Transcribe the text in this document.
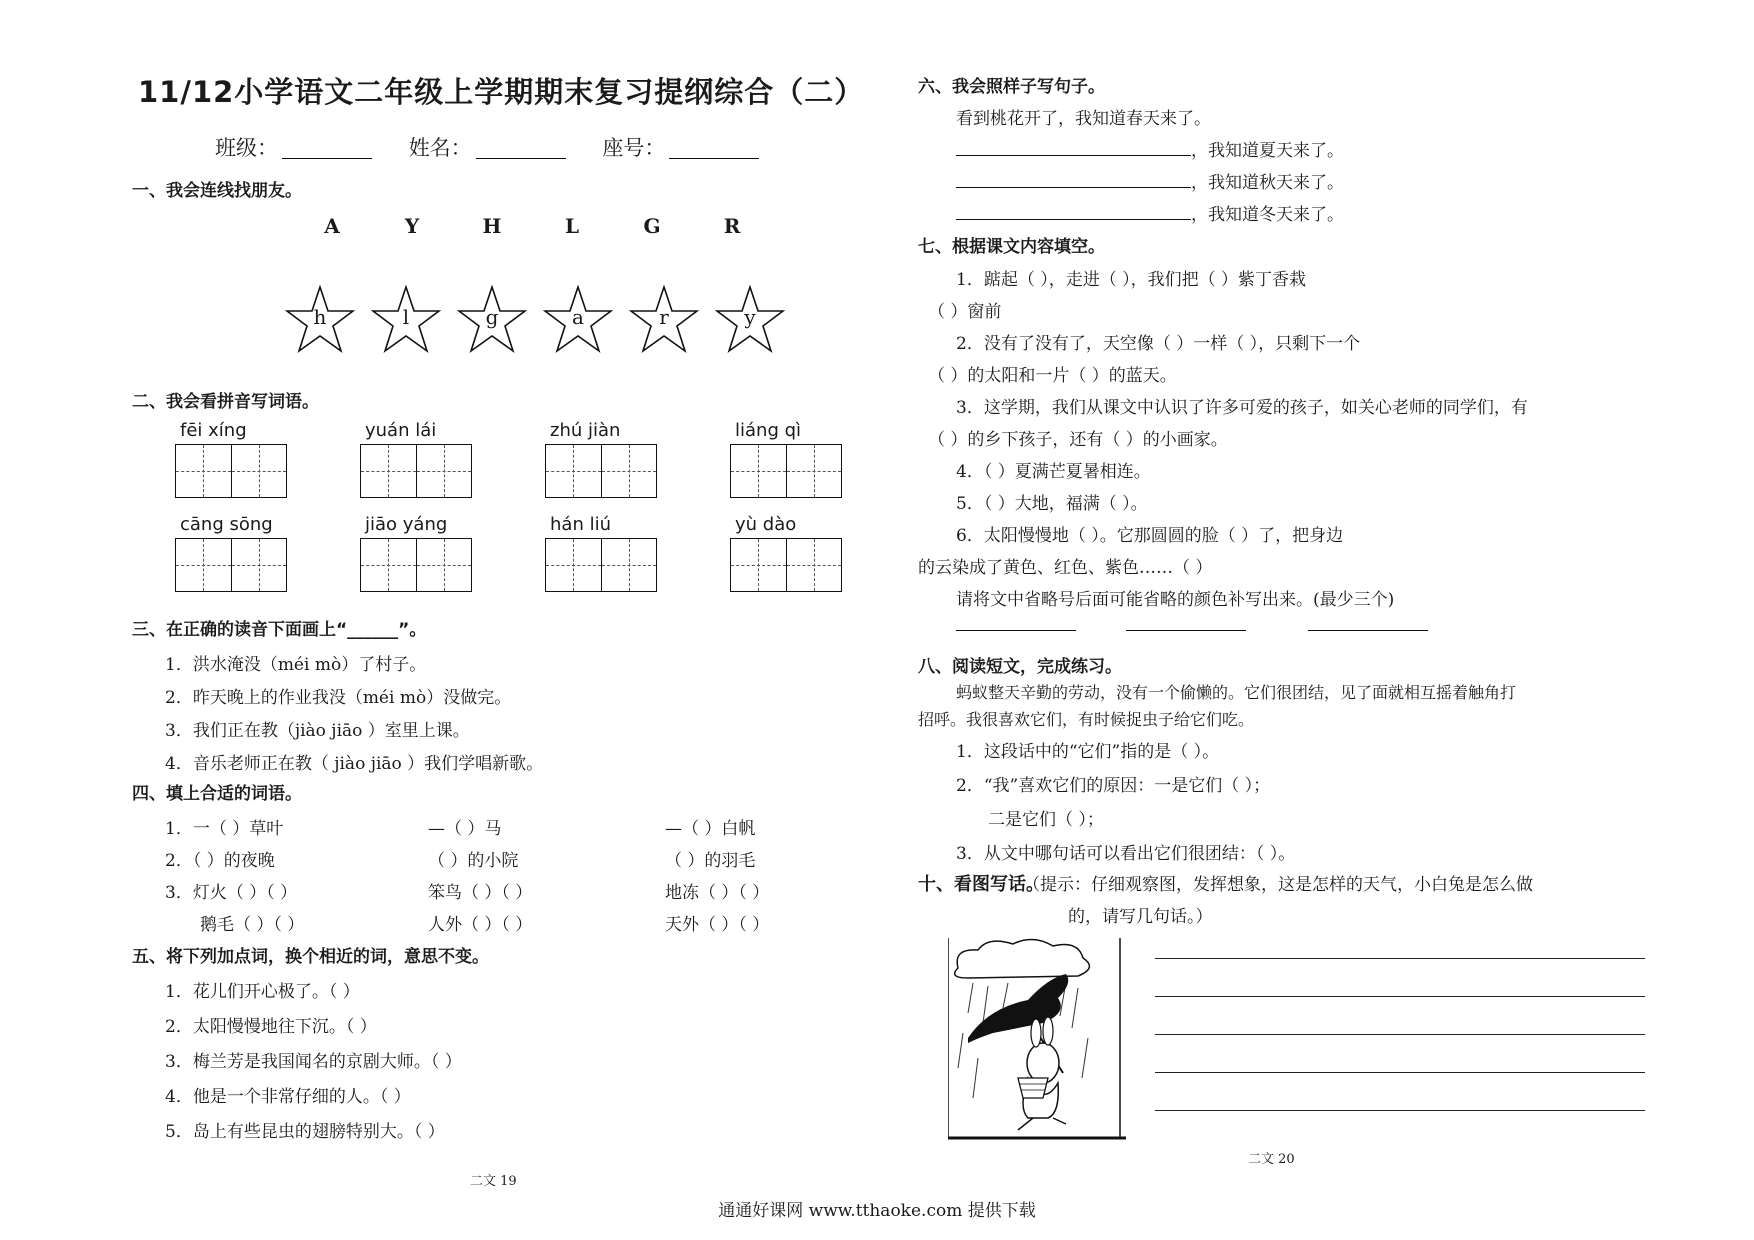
11/12小学语文二年级上学期期末复习提纲综合（二）
班级：	姓名：	座号：
一、我会连线找朋友。
A	Y	H	L	G	R
h	l	g	a	r	y
二、我会看拼音写词语。
fēi xíng	yuán lái	zhú jiàn	liáng qì
cāng sōng	jiāo yáng	hán liú	yù dào
三、在正确的读音下面画上“______”。
1．洪水淹没（méi mò）了村子。
2．昨天晚上的作业我没（méi mò）没做完。
3．我们正在教（jiào jiāo ）室里上课。
4．音乐老师正在教（ jiào jiāo ）我们学唱新歌。
四、填上合适的词语。
1．一（ ）草叶	—（ ）马	—（ ）白帆
2．（ ）的夜晚	（ ）的小院	（ ）的羽毛
3．灯火（ ）（ ）	笨鸟（ ）（ ）	地冻（ ）（ ）
鹅毛（ ）（ ）	人外（ ）（ ）	天外（ ）（ ）
五、将下列加点词，换个相近的词，意思不变。
1．花儿们开心极了。（ ）
2．太阳慢慢地往下沉。（ ）
3．梅兰芳是我国闻名的京剧大师。（ ）
4．他是一个非常仔细的人。（ ）
5．岛上有些昆虫的翅膀特别大。（ ）
二文 19
六、我会照样子写句子。
看到桃花开了，我知道春天来了。
，我知道夏天来了。
，我知道秋天来了。
，我知道冬天来了。
七、根据课文内容填空。
1．踮起（ ），走进（ ），我们把（ ）紫丁香栽
（ ）窗前
2．没有了没有了，天空像（ ）一样（ ），只剩下一个
（ ）的太阳和一片（ ）的蓝天。
3．这学期，我们从课文中认识了许多可爱的孩子，如关心老师的同学们，有
（ ）的乡下孩子，还有（ ）的小画家。
4．（ ）夏满芒夏暑相连。
5．（ ）大地，福满（ ）。
6．太阳慢慢地（ ）。它那圆圆的脸（ ）了，把身边
的云染成了黄色、红色、紫色……（ ）
请将文中省略号后面可能省略的颜色补写出来。(最少三个)
八、阅读短文，完成练习。
蚂蚁整天辛勤的劳动，没有一个偷懒的。它们很团结，见了面就相互摇着触角打
招呼。我很喜欢它们，有时候捉虫子给它们吃。
1．这段话中的“它们”指的是（ ）。
2．“我”喜欢它们的原因：一是它们（ ）；
二是它们（ ）；
3．从文中哪句话可以看出它们很团结：（ ）。
十、看图写话。
（提示：仔细观察图，发挥想象，这是怎样的天气，小白兔是怎么做
的，请写几句话。）
二文 20
通通好课网 www.tthaoke.com 提供下载
